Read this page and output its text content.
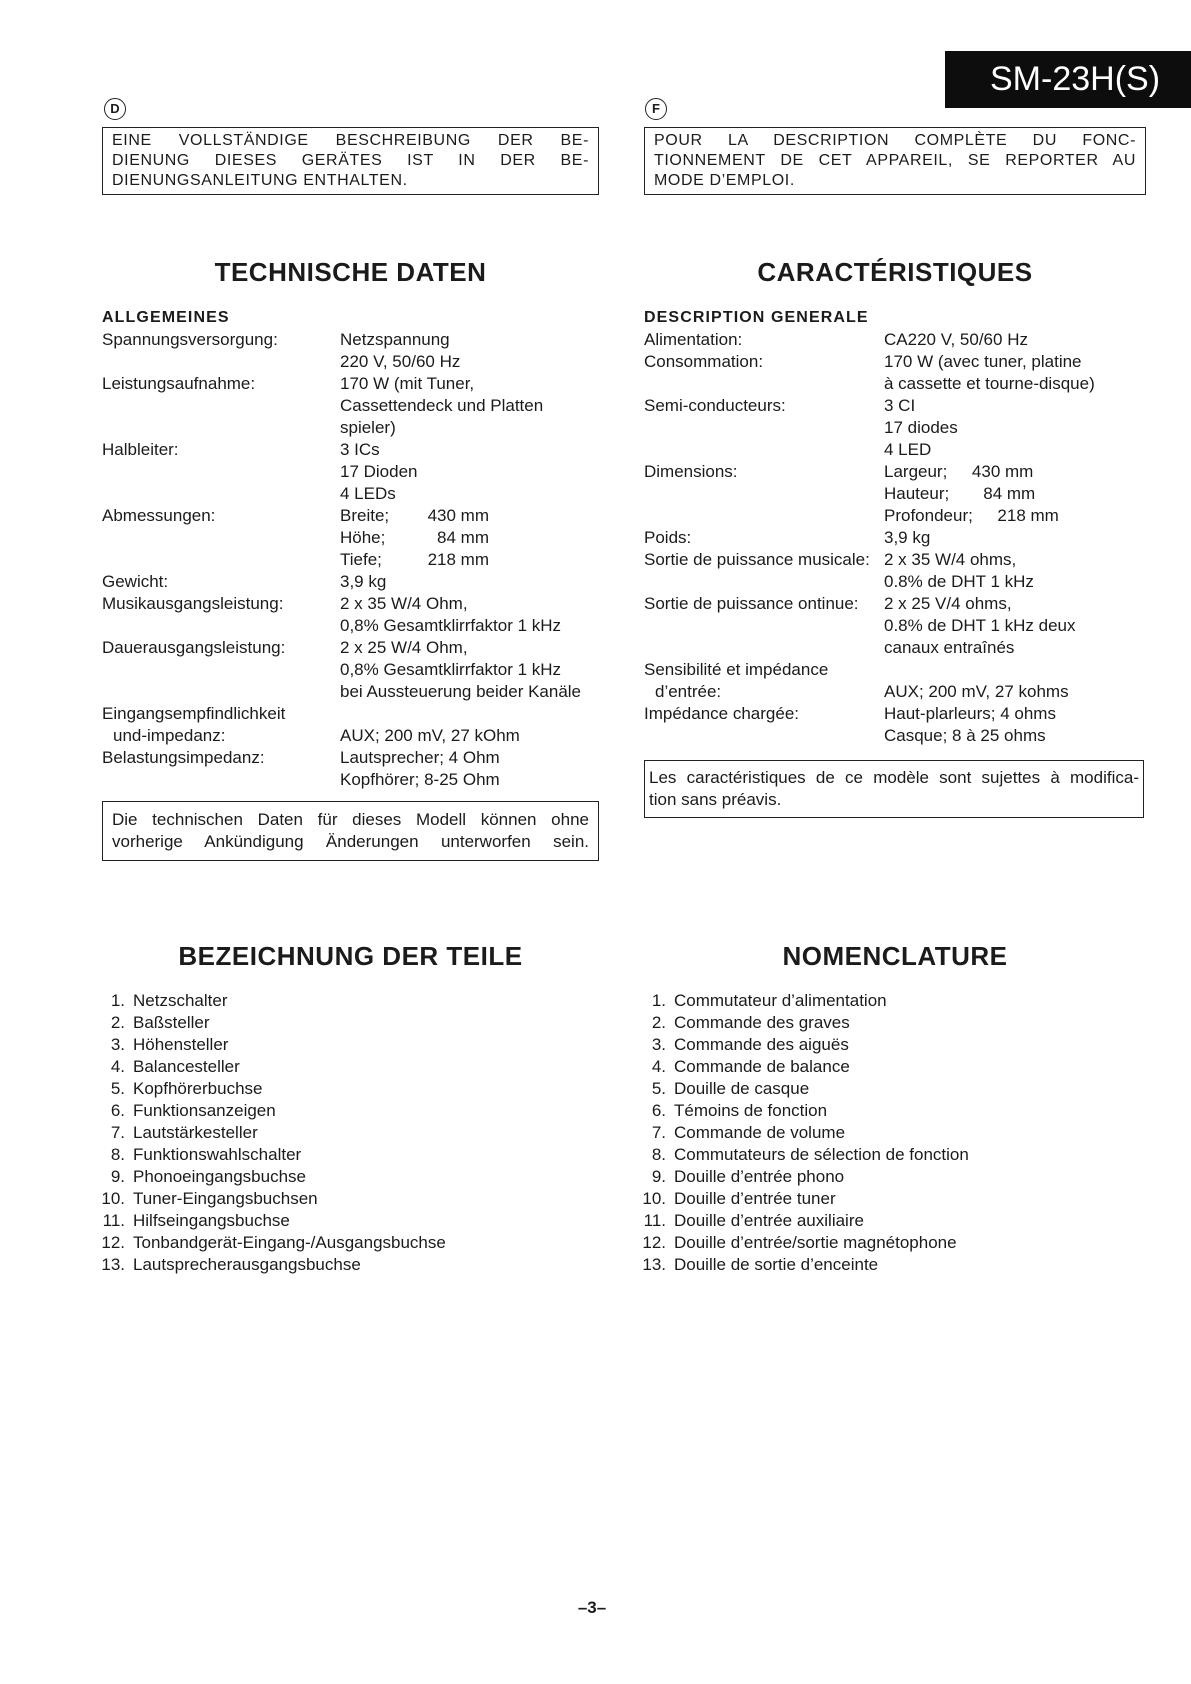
SM-23H(S)
D	F
EINE VOLLSTÄNDIGE BESCHREIBUNG DER BE-
DIENUNG DIESES GERÄTES IST IN DER BE-
DIENUNGSANLEITUNG ENTHALTEN.
POUR LA DESCRIPTION COMPLÈTE DU FONC-
TIONNEMENT DE CET APPAREIL, SE REPORTER AU
MODE D’EMPLOI.
TECHNISCHE DATEN	CARACTÉRISTIQUES
ALLGEMEINES
Spannungsversorgung:	Netzspannung
220 V, 50/60 Hz
Leistungsaufnahme:	170 W (mit Tuner,
Cassettendeck und Platten
spieler)
Halbleiter:	3 ICs
17 Dioden
4 LEDs
Abmessungen:	Breite;	430 mm
Höhe;	84 mm
Tiefe;	218 mm
Gewicht:	3,9 kg
Musikausgangsleistung:	2 x 35 W/4 Ohm,
0,8% Gesamtklirrfaktor 1 kHz
Dauerausgangsleistung:	2 x 25 W/4 Ohm,
0,8% Gesamtklirrfaktor 1 kHz
bei Aussteuerung beider Kanäle
Eingangsempfindlichkeit
und-impedanz:	AUX; 200 mV, 27 kOhm
Belastungsimpedanz:	Lautsprecher; 4 Ohm
Kopfhörer; 8-25 Ohm
DESCRIPTION GENERALE
Alimentation:	CA220 V, 50/60 Hz
Consommation:	170 W (avec tuner, platine
à cassette et tourne-disque)
Semi-conducteurs:	3 CI
17 diodes
4 LED
Dimensions:	Largeur; 430 mm
Hauteur; 84 mm
Profondeur; 218 mm
Poids:	3,9 kg
Sortie de puissance musicale: 2 x 35 W/4 ohms,
0.8% de DHT 1 kHz
Sortie de puissance ontinue:	2 x 25 V/4 ohms,
0.8% de DHT 1 kHz deux
canaux entraînés
Sensibilité et impédance
d’entrée:	AUX; 200 mV, 27 kohms
Impédance chargée:	Haut-plarleurs; 4 ohms
Casque; 8 à 25 ohms
Die technischen Daten für dieses Modell können ohne
vorherige Ankündigung Änderungen unterworfen sein.
Les caractéristiques de ce modèle sont sujettes à modifica-
tion sans préavis.
BEZEICHNUNG DER TEILE	NOMENCLATURE
1. Netzschalter
2. Baßsteller
3. Höhensteller
4. Balancesteller
5. Kopfhörerbuchse
6. Funktionsanzeigen
7. Lautstärkesteller
8. Funktionswahlschalter
9. Phonoeingangsbuchse
10. Tuner-Eingangsbuchsen
11. Hilfseingangsbuchse
12. Tonbandgerät-Eingang-/Ausgangsbuchse
13. Lautsprecherausgangsbuchse
1. Commutateur d’alimentation
2. Commande des graves
3. Commande des aiguës
4. Commande de balance
5. Douille de casque
6. Témoins de fonction
7. Commande de volume
8. Commutateurs de sélection de fonction
9. Douille d’entrée phono
10. Douille d’entrée tuner
11. Douille d’entrée auxiliaire
12. Douille d’entrée/sortie magnétophone
13. Douille de sortie d’enceinte
–3–
